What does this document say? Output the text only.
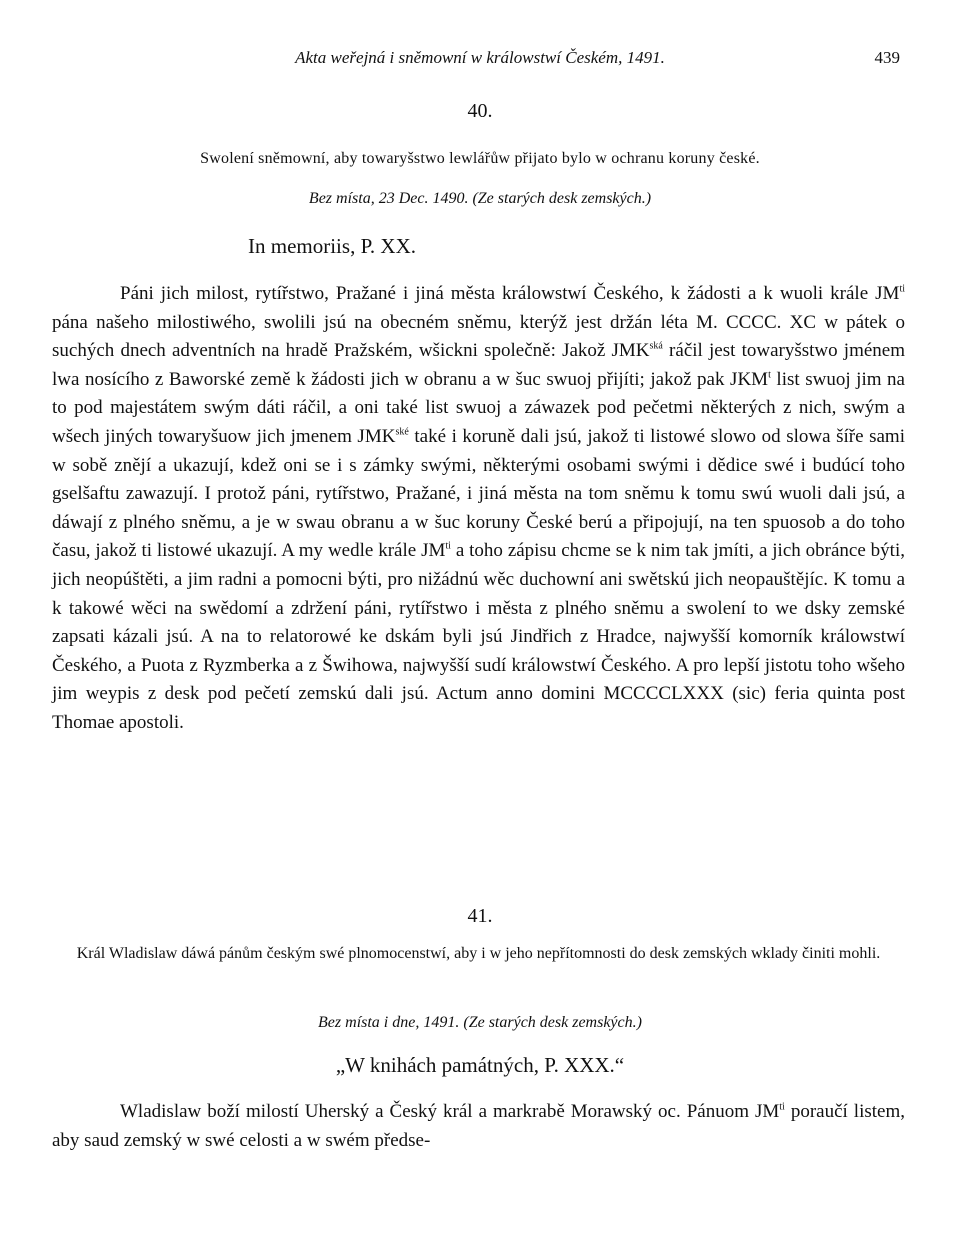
Akta weřejná i sněmowní w králowstwí Českém, 1491.	439
40.
Swolení sněmowní, aby towaryšstwo lewlářůw přijato bylo w ochranu koruny české.
Bez místa, 23 Dec. 1490. (Ze starých desk zemských.)
In memoriis, P. XX.

Páni jich milost, rytířstwo, Pražané i jiná města králowstwí Českého, k žádosti a k wuoli krále $JM^{ti}$ pána našeho milostiwého, swolili jsú na obecném sněmu, kterýž jest držán léta M. CCCC. XC w pátek o suchých dnech adventních na hradě Pražském, wšicknі společně: Jakož $JMK^{ská}$ ráčil jest towaryšstwo jménem lwa nosícího z Baworské země k žádosti jich w obranu a w šuc swuoj přijíti; jakož pak JKM$^t$ list swuoj jim na to pod majestátem swým dáti ráčil, a oni také list swuoj a záwazek pod pečetmi některých z nich, swým a wšech jiných towaryšuow jich jmenem $JMK^{ské}$ také i koruně dali jsú, jakož ti listowé slowo od slowa šíře sami w sobě znějí a ukazují, kdež oni se i s zámky swými, některými osobami swými i dědice swé i budúcí toho gselšaftu zawazují. I protož páni, rytířstwo, Pražané, i jiná města na tom sněmu k tomu swú wuoli dali jsú, a dáwají z plného sněmu, a je w swau obranu a w šuc koruny České berú a připojují, na ten spuosob a do toho času, jakož ti listowé ukazují. A my wedle krále $JM^{ti}$ a toho zápisu chcme se k nim tak jmíti, a jich obránce býti, jich neopúštěti, a jim radni a pomocni býti, pro nižádnú wěc duchowní ani swětskú jich neopauštějíc. K tomu a k takowé wěci na swědomí a zdržení páni, rytířstwo i města z plného sněmu a swolení to we dsky zemské zapsati kázali jsú. A na to relatorowé ke dskám byli jsú Jindřich z Hradce, najwyšší komorník králowstwí Českého, a Puota z Ryzmberka a z Šwihowa, najwyšší sudí králowstwí Českého. A pro lepší jistotu toho wšeho jim weypis z desk pod pečetí zemskú dali jsú. Actum anno domini MCCCCLXXX (sic) feria quinta post Thomae apostoli.

41.

Král Wladislaw dáwá pánům českým swé plnomocenstwí, aby i w jeho nepřítomnosti do desk zemských wklady činiti mohli.

Bez místa i dne, 1491. (Ze starých desk zemských.)
„W knihách památných, P. XXX.“

Wladislaw boží milostí Uherský a Český král a markrabě Morawský oc. Pánuom $JM^{ti}$ poraučí listem, aby saud zemský w swé celosti a w swém předse-
